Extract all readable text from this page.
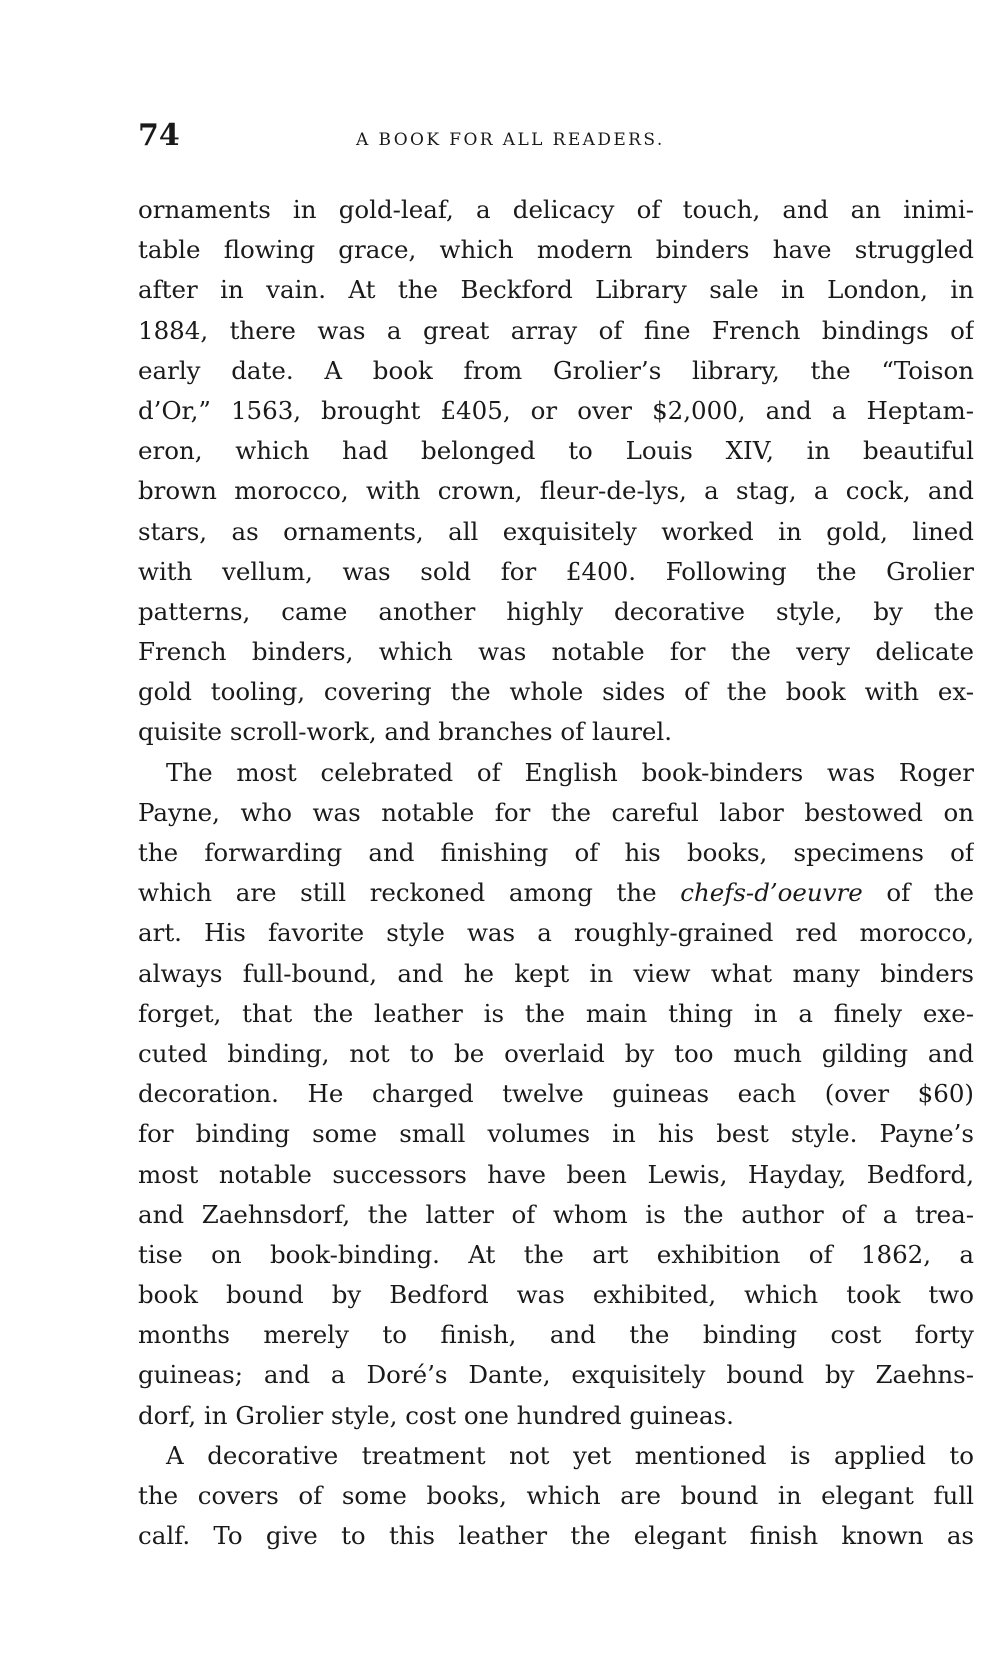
74	A BOOK FOR ALL READERS.
ornaments in gold-leaf, a delicacy of touch, and an inimi-
table flowing grace, which modern binders have struggled
after in vain. At the Beckford Library sale in London, in
1884, there was a great array of fine French bindings of
early date. A book from Grolier’s library, the “Toison
d’Or,” 1563, brought £405, or over $2,000, and a Heptam-
eron, which had belonged to Louis XIV, in beautiful
brown morocco, with crown, fleur-de-lys, a stag, a cock, and
stars, as ornaments, all exquisitely worked in gold, lined
with vellum, was sold for £400. Following the Grolier
patterns, came another highly decorative style, by the
French binders, which was notable for the very delicate
gold tooling, covering the whole sides of the book with ex-
quisite scroll-work, and branches of laurel.
The most celebrated of English book-binders was Roger
Payne, who was notable for the careful labor bestowed on
the forwarding and finishing of his books, specimens of
which are still reckoned among the chefs-d’oeuvre of the
art. His favorite style was a roughly-grained red morocco,
always full-bound, and he kept in view what many binders
forget, that the leather is the main thing in a finely exe-
cuted binding, not to be overlaid by too much gilding and
decoration. He charged twelve guineas each (over $60)
for binding some small volumes in his best style. Payne’s
most notable successors have been Lewis, Hayday, Bedford,
and Zaehnsdorf, the latter of whom is the author of a trea-
tise on book-binding. At the art exhibition of 1862, a
book bound by Bedford was exhibited, which took two
months merely to finish, and the binding cost forty
guineas; and a Doré’s Dante, exquisitely bound by Zaehns-
dorf, in Grolier style, cost one hundred guineas.
A decorative treatment not yet mentioned is applied to
the covers of some books, which are bound in elegant full
calf. To give to this leather the elegant finish known as
